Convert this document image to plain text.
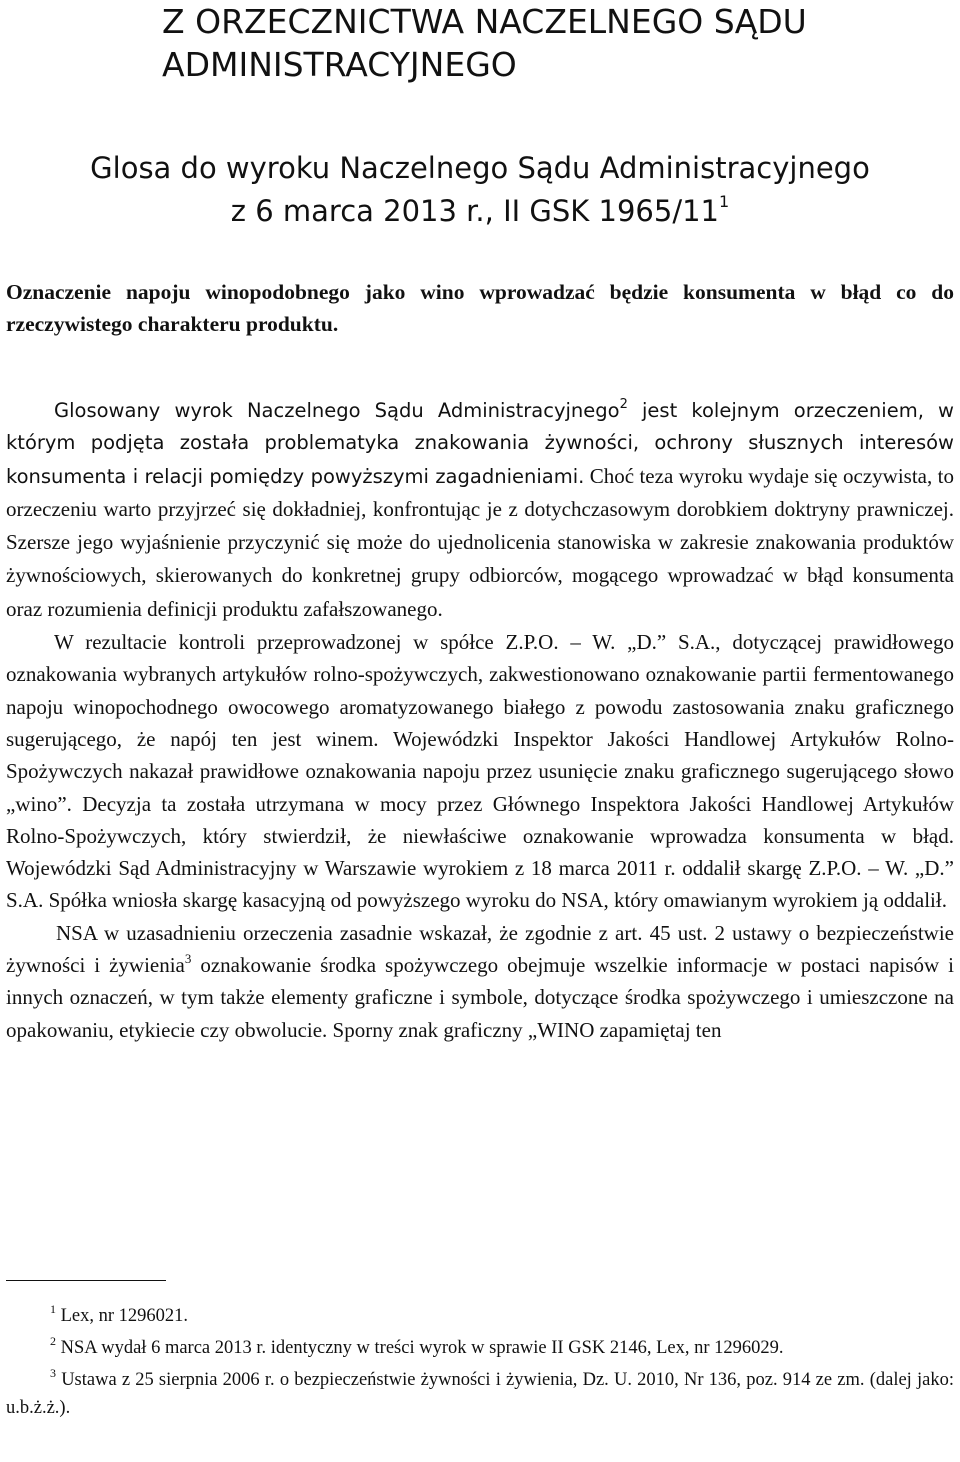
Z ORZECZNICTWA NACZELNEGO SĄDU
ADMINISTRACYJNEGO
Glosa do wyroku Naczelnego Sądu Administracyjnego
z 6 marca 2013 r., II GSK $1965/11^1$

Oznaczenie napoju winopodobnego jako wino wprowadzać będzie konsumenta w błąd co do rzeczywistego charakteru produktu.

Glosowany wyrok Naczelnego Sądu Administracyjnego$^2$ jest kolejnym orzeczeniem, w którym podjęta została problematyka znakowania żywności, ochrony słusznych interesów konsumenta i relacji pomiędzy powyższymi zagadnieniami. Choć teza wyroku wydaje się oczywista, to orzeczeniu warto przyjrzeć się dokładniej, konfrontując je z dotychczasowym dorobkiem doktryny prawniczej. Szersze jego wyjaśnienie przyczynić się może do ujednolicenia stanowiska w zakresie znakowania produktów żywnościowych, skierowanych do konkretnej grupy odbiorców, mogącego wprowadzać w błąd konsumenta oraz rozumienia definicji produktu zafałszowanego.

W rezultacie kontroli przeprowadzonej w spółce Z.P.O. – W. „D.” S.A., dotyczącej prawidłowego oznakowania wybranych artykułów rolno-spożywczych, zakwestionowano oznakowanie partii fermentowanego napoju winopochodnego owocowego aromatyzowanego białego z powodu zastosowania znaku graficznego sugerującego, że napój ten jest winem. Wojewódzki Inspektor Jakości Handlowej Artykułów Rolno-Spożywczych nakazał prawidłowe oznakowania napoju przez usunięcie znaku graficznego sugerującego słowo „wino”. Decyzja ta została utrzymana w mocy przez Głównego Inspektora Jakości Handlowej Artykułów Rolno-Spożywczych, który stwierdził, że niewłaściwe oznakowanie wprowadza konsumenta w błąd. Wojewódzki Sąd Administracyjny w Warszawie wyrokiem z 18 marca 2011 r. oddalił skargę Z.P.O. – W. „D.” S.A. Spółka wniosła skargę kasacyjną od powyższego wyroku do NSA, który omawianym wyrokiem ją oddalił.

NSA w uzasadnieniu orzeczenia zasadnie wskazał, że zgodnie z art. 45 ust. 2 ustawy o bezpieczeństwie żywności i żywienia$^3$ oznakowanie środka spożywczego obejmuje wszelkie informacje w postaci napisów i innych oznaczeń, w tym także elementy graficzne i symbole, dotyczące środka spożywczego i umieszczone na opakowaniu, etykiecie czy obwolucie. Sporny znak graficzny „WINO zapamiętaj ten

$^1$ Lex, nr 1296021.

$^2$ NSA wydał 6 marca 2013 r. identyczny w treści wyrok w sprawie II GSK 2146, Lex, nr 1296029.

$^3$ Ustawa z 25 sierpnia 2006 r. o bezpieczeństwie żywności i żywienia, Dz. U. 2010, Nr 136, poz. 914 ze zm. (dalej jako: u.b.ż.ż.).
